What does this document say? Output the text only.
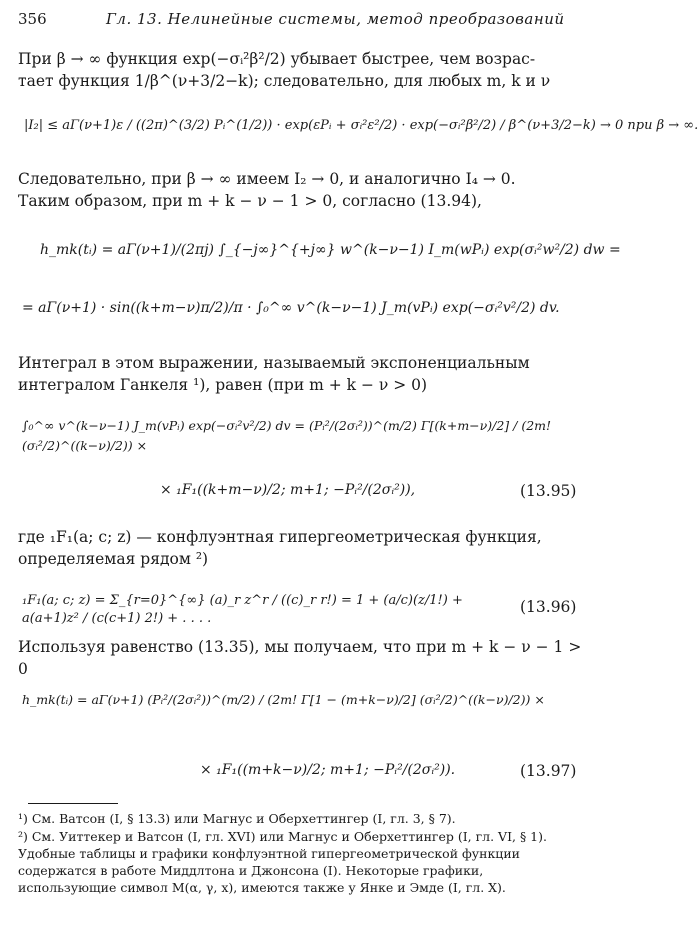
356	Гл. 13. Нелинейные системы, метод преобразований
При β → ∞ функция exp(−σᵢ²β²/2) убывает быстрее, чем возрас-
тает функция 1/β^(ν+3/2−k); следовательно, для любых m, k и ν
|I₂| ≤ aΓ(ν+1)ε / ((2π)^(3/2) Pᵢ^(1/2)) · exp(εPᵢ + σᵢ²ε²/2) · exp(−σᵢ²β²/2) / β^(ν+3/2−k) → 0 при β → ∞.
Следовательно, при β → ∞ имеем I₂ → 0, и аналогично I₄ → 0.
Таким образом, при m + k − ν − 1 > 0, согласно (13.94),
h_mk(tᵢ) = aΓ(ν+1)/(2πj) ∫_{−j∞}^{+j∞} w^(k−ν−1) I_m(wPᵢ) exp(σᵢ²w²/2) dw =
= aΓ(ν+1) · sin((k+m−ν)π/2)/π · ∫₀^∞ v^(k−ν−1) J_m(vPᵢ) exp(−σᵢ²v²/2) dv.
Интеграл в этом выражении, называемый экспоненциальным
интегралом Ганкеля ¹), равен (при m + k − ν > 0)
∫₀^∞ v^(k−ν−1) J_m(vPᵢ) exp(−σᵢ²v²/2) dv = (Pᵢ²/(2σᵢ²))^(m/2) Γ[(k+m−ν)/2] / (2m! (σᵢ²/2)^((k−ν)/2)) ×
× ₁F₁((k+m−ν)/2; m+1; −Pᵢ²/(2σᵢ²)),	(13.95)
где ₁F₁(a; c; z) — конфлуэнтная гипергеометрическая функция,
определяемая рядом ²)
₁F₁(a; c; z) = Σ_{r=0}^{∞} (a)_r z^r / ((c)_r r!) = 1 + (a/c)(z/1!) + a(a+1)z² / (c(c+1) 2!) + . . . .
(13.96)
Используя равенство (13.35), мы получаем, что при m + k − ν − 1 > 0
h_mk(tᵢ) = aΓ(ν+1) (Pᵢ²/(2σᵢ²))^(m/2) / (2m! Γ[1 − (m+k−ν)/2] (σᵢ²/2)^((k−ν)/2)) ×
× ₁F₁((m+k−ν)/2; m+1; −Pᵢ²/(2σᵢ²)).	(13.97)
¹) См. Ватсон (I, § 13.3) или Магнус и Оберхеттингер (I, гл. 3, § 7).
²) См. Уиттекер и Ватсон (I, гл. XVI) или Магнус и Оберхеттингер (I, гл. VI, § 1). Удобные таблицы и графики конфлуэнтной гипергеометрической функции содержатся в работе Миддлтона и Джонсона (I). Некоторые графики, использующие символ M(α, γ, x), имеются также у Янке и Эмде (I, гл. X).
